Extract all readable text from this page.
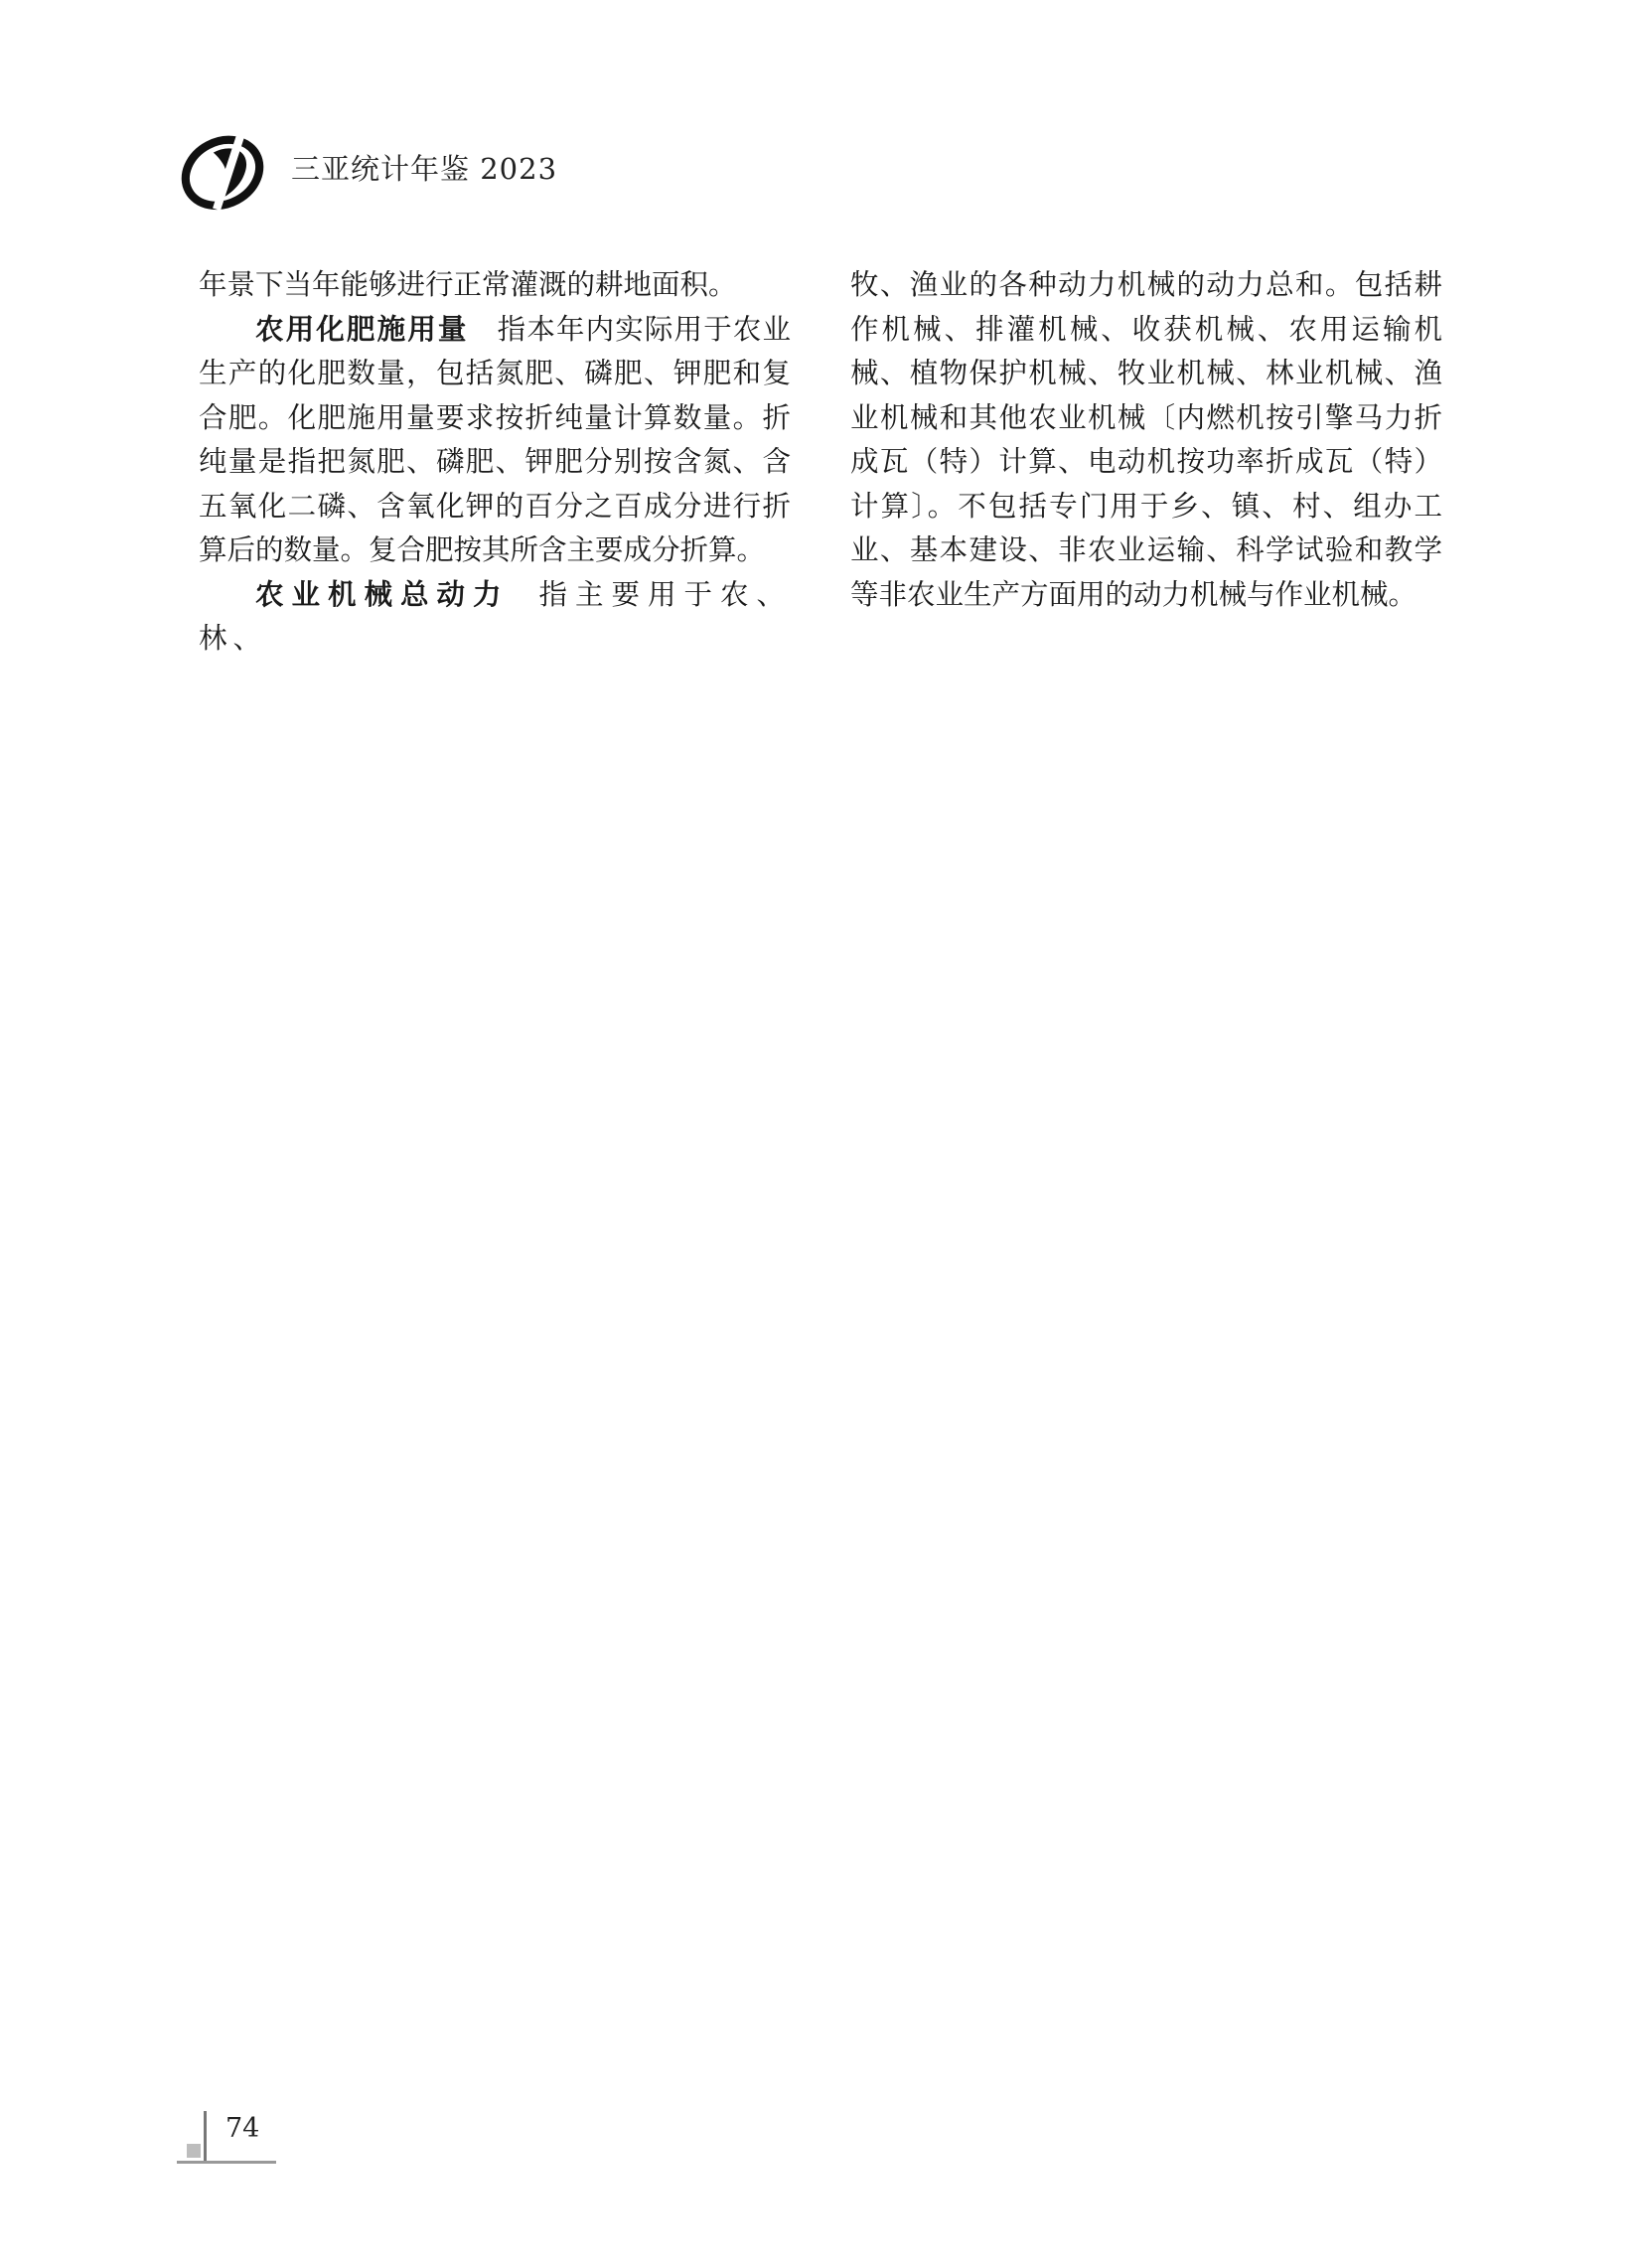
三亚统计年鉴 2023

年景下当年能够进行正常灌溉的耕地面积。

农用化肥施用量 指本年内实际用于农业生产的化肥数量，包括氮肥、磷肥、钾肥和复合肥。化肥施用量要求按折纯量计算数量。折纯量是指把氮肥、磷肥、钾肥分别按含氮、含五氧化二磷、含氧化钾的百分之百成分进行折算后的数量。复合肥按其所含主要成分折算。

农业机械总动力 指主要用于农、林、

牧、渔业的各种动力机械的动力总和。包括耕作机械、排灌机械、收获机械、农用运输机械、植物保护机械、牧业机械、林业机械、渔业机械和其他农业机械〔内燃机按引擎马力折成瓦（特）计算、电动机按功率折成瓦（特）计算〕。不包括专门用于乡、镇、村、组办工业、基本建设、非农业运输、科学试验和教学等非农业生产方面用的动力机械与作业机械。

74
